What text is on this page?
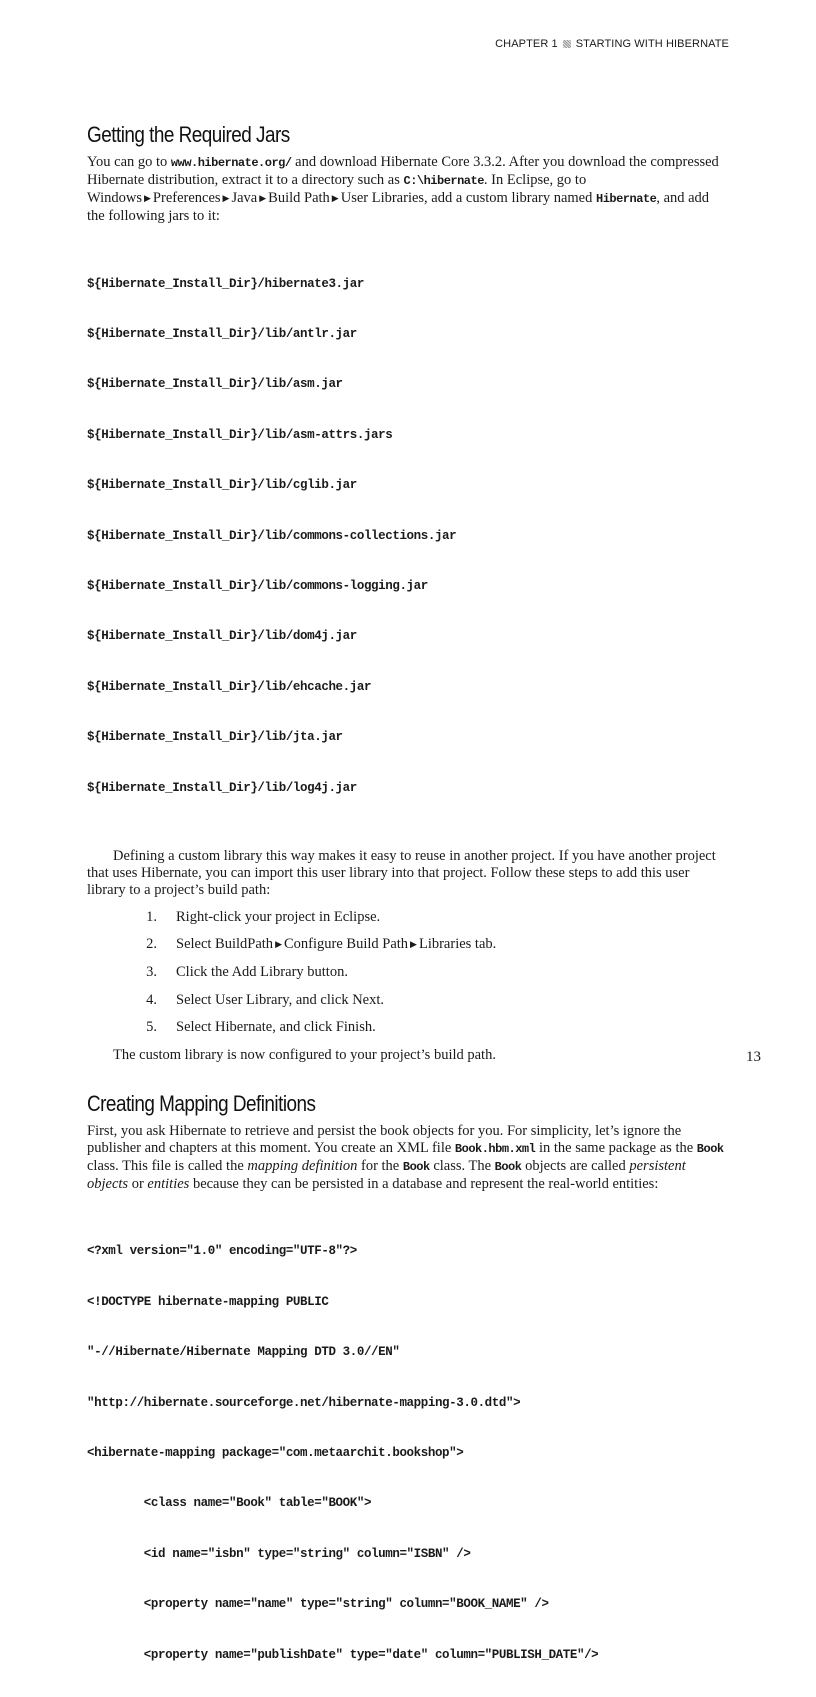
CHAPTER 1 STARTING WITH HIBERNATE
Getting the Required Jars

You can go to www.hibernate.org/ and download Hibernate Core 3.3.2. After you download the compressed Hibernate distribution, extract it to a directory such as C:\hibernate. In Eclipse, go to Windows ▶ Preferences ▶ Java ▶ Build Path ▶ User Libraries, add a custom library named Hibernate, and add the following jars to it:

${Hibernate_Install_Dir}/hibernate3.jar

${Hibernate_Install_Dir}/lib/antlr.jar

${Hibernate_Install_Dir}/lib/asm.jar

${Hibernate_Install_Dir}/lib/asm-attrs.jars

${Hibernate_Install_Dir}/lib/cglib.jar

${Hibernate_Install_Dir}/lib/commons-collections.jar

${Hibernate_Install_Dir}/lib/commons-logging.jar

${Hibernate_Install_Dir}/lib/dom4j.jar

${Hibernate_Install_Dir}/lib/ehcache.jar

${Hibernate_Install_Dir}/lib/jta.jar

${Hibernate_Install_Dir}/lib/log4j.jar

Defining a custom library this way makes it easy to reuse in another project. If you have another project that uses Hibernate, you can import this user library into that project. Follow these steps to add this user library to a project’s build path:

1.	Right-click your project in Eclipse.
2.	Select BuildPath ▶ Configure Build Path ▶ Libraries tab.
3.	Click the Add Library button.
4.	Select User Library, and click Next.
5.	Select Hibernate, and click Finish.

The custom library is now configured to your project’s build path.

Creating Mapping Definitions

First, you ask Hibernate to retrieve and persist the book objects for you. For simplicity, let’s ignore the publisher and chapters at this moment. You create an XML file Book.hbm.xml in the same package as the Book class. This file is called the mapping definition for the Book class. The Book objects are called persistent objects or entities because they can be persisted in a database and represent the real-world entities:

<?xml version="1.0" encoding="UTF-8"?>

<!DOCTYPE hibernate-mapping PUBLIC

"-//Hibernate/Hibernate Mapping DTD 3.0//EN"

"http://hibernate.sourceforge.net/hibernate-mapping-3.0.dtd">

<hibernate-mapping package="com.metaarchit.bookshop">

<class name="Book" table="BOOK">

<id name="isbn" type="string" column="ISBN" />

<property name="name" type="string" column="BOOK_NAME" />

<property name="publishDate" type="date" column="PUBLISH_DATE"/>

13
